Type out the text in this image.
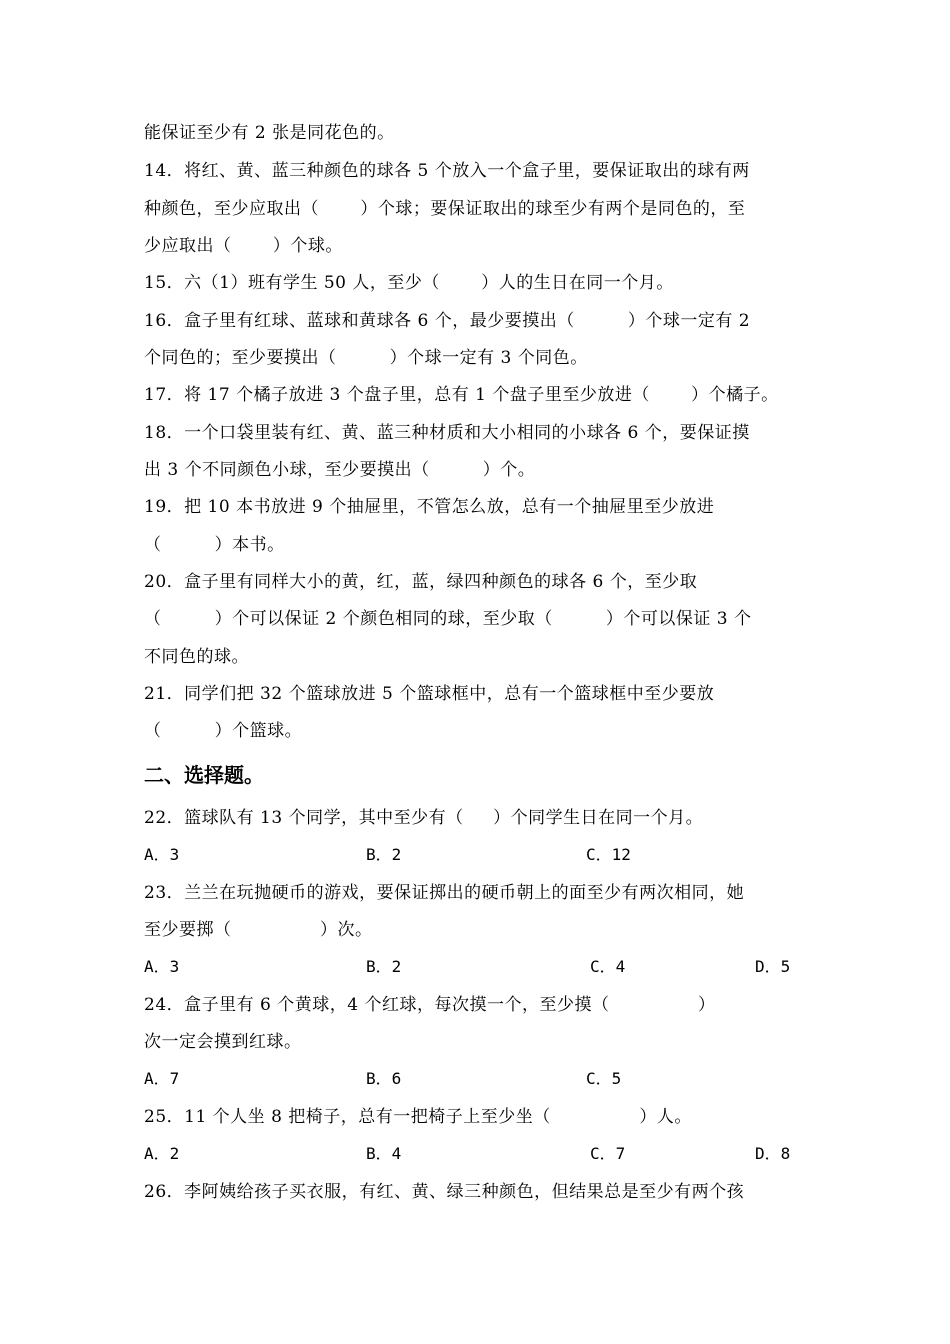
能保证至少有 2 张是同花色的。
14．将红、黄、蓝三种颜色的球各 5 个放入一个盒子里，要保证取出的球有两
种颜色，至少应取出（       ）个球；要保证取出的球至少有两个是同色的，至
少应取出（       ）个球。
15．六（1）班有学生 50 人，至少（       ）人的生日在同一个月。
16．盒子里有红球、蓝球和黄球各 6 个，最少要摸出（         ）个球一定有 2
个同色的；至少要摸出（         ）个球一定有 3 个同色。
17．将 17 个橘子放进 3 个盘子里，总有 1 个盘子里至少放进（       ）个橘子。
18．一个口袋里装有红、黄、蓝三种材质和大小相同的小球各 6 个，要保证摸
出 3 个不同颜色小球，至少要摸出（         ）个。
19．把 10 本书放进 9 个抽屉里，不管怎么放，总有一个抽屉里至少放进
（         ）本书。
20．盒子里有同样大小的黄，红，蓝，绿四种颜色的球各 6 个，至少取
（         ）个可以保证 2 个颜色相同的球，至少取（         ）个可以保证 3 个
不同色的球。
21．同学们把 32 个篮球放进 5 个篮球框中，总有一个篮球框中至少要放
（         ）个篮球。
二、选择题。
22．篮球队有 13 个同学，其中至少有（     ）个同学生日在同一个月。
A．3	B．2	C．12
23．兰兰在玩抛硬币的游戏，要保证掷出的硬币朝上的面至少有两次相同，她
至少要掷（               ）次。
A．3	B．2	C．4	D．5
24．盒子里有 6 个黄球，4 个红球，每次摸一个，至少摸（               ）
次一定会摸到红球。
A．7	B．6	C．5
25．11 个人坐 8 把椅子，总有一把椅子上至少坐（               ）人。
A．2	B．4	C．7	D．8
26．李阿姨给孩子买衣服，有红、黄、绿三种颜色，但结果总是至少有两个孩
